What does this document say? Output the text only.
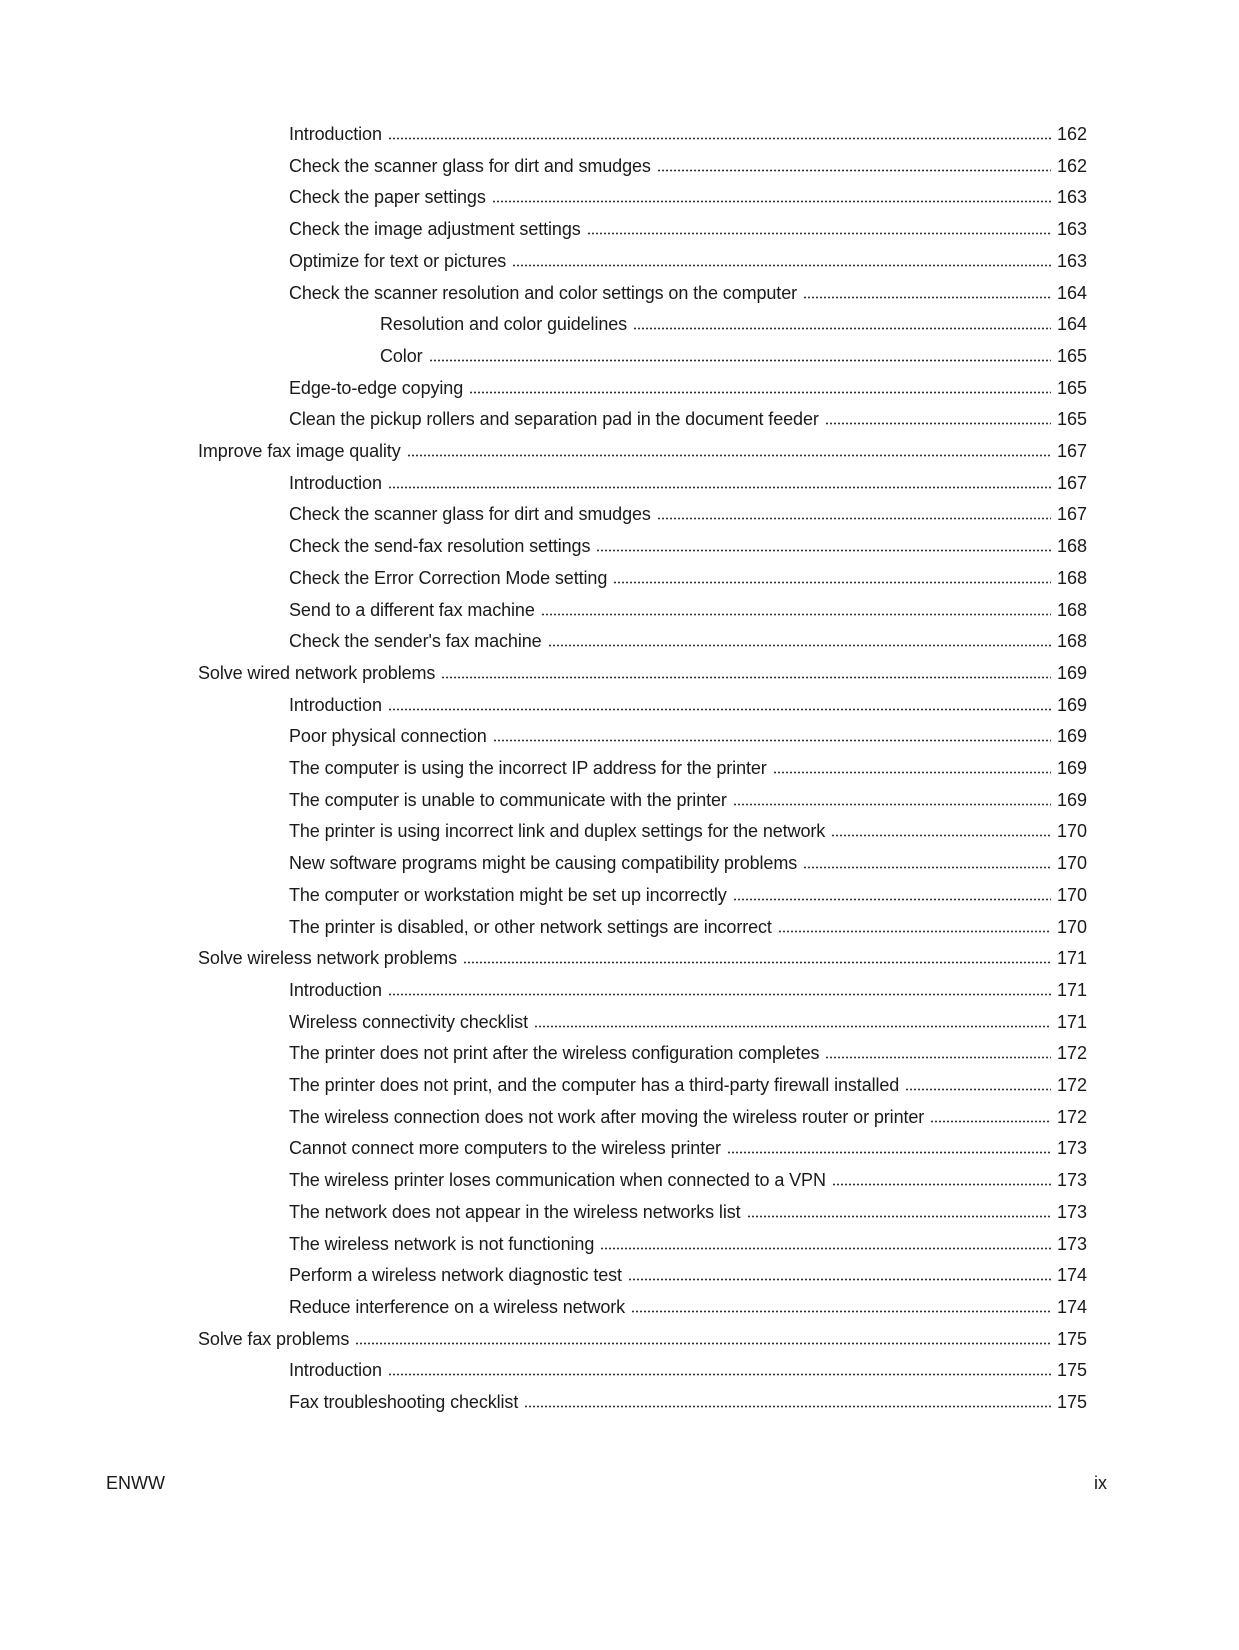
Introduction	162
Check the scanner glass for dirt and smudges	162
Check the paper settings	163
Check the image adjustment settings	163
Optimize for text or pictures	163
Check the scanner resolution and color settings on the computer	164
Resolution and color guidelines	164
Color	165
Edge-to-edge copying	165
Clean the pickup rollers and separation pad in the document feeder	165
Improve fax image quality	167
Introduction	167
Check the scanner glass for dirt and smudges	167
Check the send-fax resolution settings	168
Check the Error Correction Mode setting	168
Send to a different fax machine	168
Check the sender's fax machine	168
Solve wired network problems	169
Introduction	169
Poor physical connection	169
The computer is using the incorrect IP address for the printer	169
The computer is unable to communicate with the printer	169
The printer is using incorrect link and duplex settings for the network	170
New software programs might be causing compatibility problems	170
The computer or workstation might be set up incorrectly	170
The printer is disabled, or other network settings are incorrect	170
Solve wireless network problems	171
Introduction	171
Wireless connectivity checklist	171
The printer does not print after the wireless configuration completes	172
The printer does not print, and the computer has a third-party firewall installed	172
The wireless connection does not work after moving the wireless router or printer	172
Cannot connect more computers to the wireless printer	173
The wireless printer loses communication when connected to a VPN	173
The network does not appear in the wireless networks list	173
The wireless network is not functioning	173
Perform a wireless network diagnostic test	174
Reduce interference on a wireless network	174
Solve fax problems	175
Introduction	175
Fax troubleshooting checklist	175
ENWW	ix
